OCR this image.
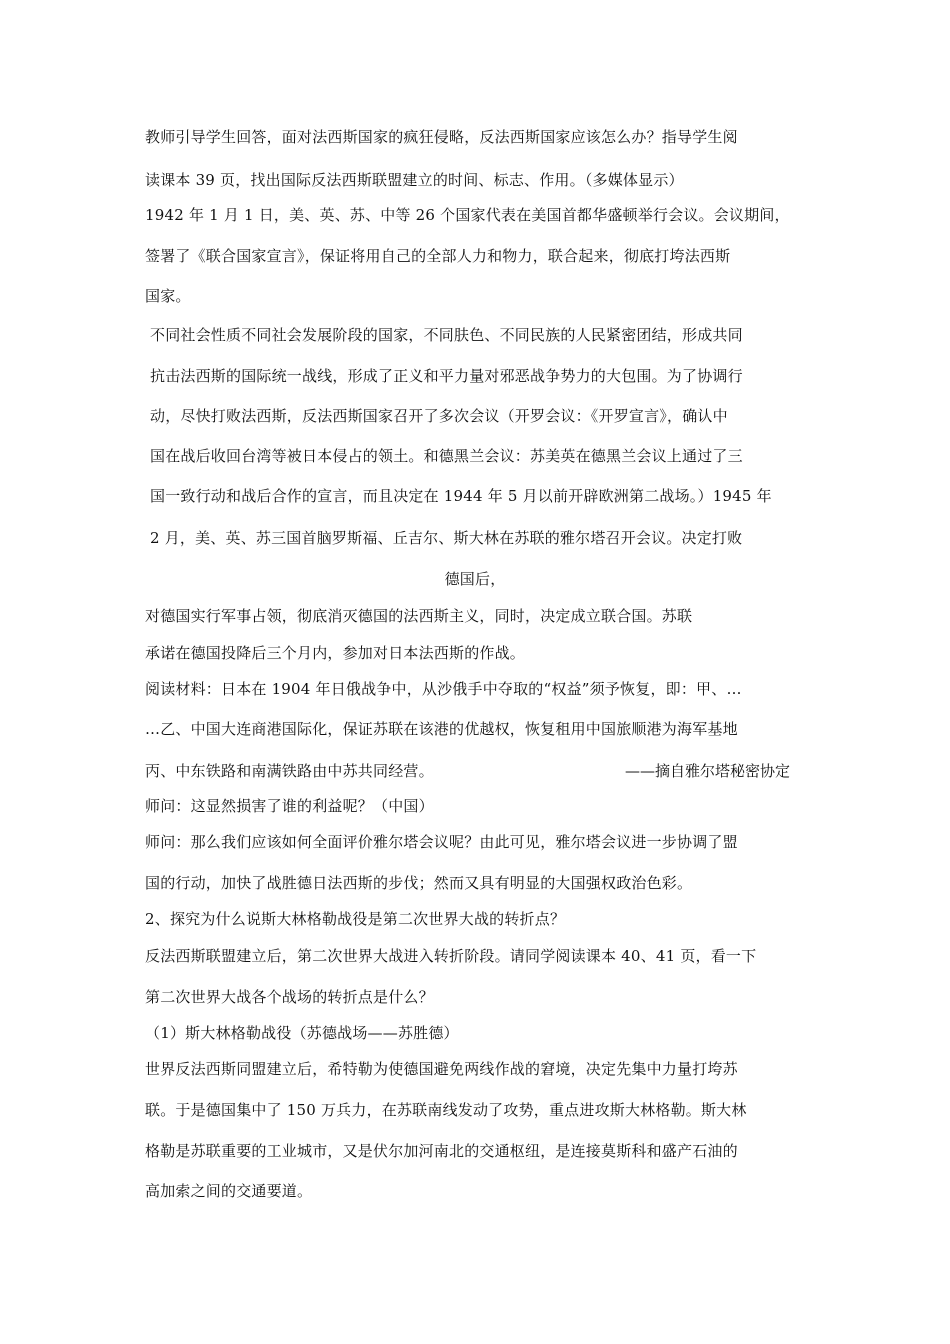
教师引导学生回答，面对法西斯国家的疯狂侵略，反法西斯国家应该怎么办？指导学生阅
读课本 39 页，找出国际反法西斯联盟建立的时间、标志、作用。（多媒体显示）
1942 年 1 月 1 日，美、英、苏、中等 26 个国家代表在美国首都华盛顿举行会议。会议期间，
签署了《联合国家宣言》，保证将用自己的全部人力和物力，联合起来，彻底打垮法西斯
国家。
不同社会性质不同社会发展阶段的国家，不同肤色、不同民族的人民紧密团结，形成共同
抗击法西斯的国际统一战线，形成了正义和平力量对邪恶战争势力的大包围。为了协调行
动，尽快打败法西斯，反法西斯国家召开了多次会议（开罗会议：《开罗宣言》，确认中
国在战后收回台湾等被日本侵占的领土。和德黑兰会议：苏美英在德黑兰会议上通过了三
国一致行动和战后合作的宣言，而且决定在 1944 年 5 月以前开辟欧洲第二战场。）1945 年
2 月，美、英、苏三国首脑罗斯福、丘吉尔、斯大林在苏联的雅尔塔召开会议。决定打败
德国后，
对德国实行军事占领，彻底消灭德国的法西斯主义，同时，决定成立联合国。苏联
承诺在德国投降后三个月内，参加对日本法西斯的作战。
阅读材料：日本在 1904 年日俄战争中，从沙俄手中夺取的“权益”须予恢复，即：甲、…
…乙、中国大连商港国际化，保证苏联在该港的优越权，恢复租用中国旅顺港为海军基地
丙、中东铁路和南满铁路由中苏共同经营。	——摘自雅尔塔秘密协定
师问：这显然损害了谁的利益呢？（中国）
师问：那么我们应该如何全面评价雅尔塔会议呢？由此可见，雅尔塔会议进一步协调了盟
国的行动，加快了战胜德日法西斯的步伐；然而又具有明显的大国强权政治色彩。
2、探究为什么说斯大林格勒战役是第二次世界大战的转折点？
反法西斯联盟建立后，第二次世界大战进入转折阶段。请同学阅读课本 40、41 页，看一下
第二次世界大战各个战场的转折点是什么？
（1）斯大林格勒战役（苏德战场——苏胜德）
世界反法西斯同盟建立后，希特勒为使德国避免两线作战的窘境，决定先集中力量打垮苏
联。于是德国集中了 150 万兵力，在苏联南线发动了攻势，重点进攻斯大林格勒。斯大林
格勒是苏联重要的工业城市，又是伏尔加河南北的交通枢纽，是连接莫斯科和盛产石油的
高加索之间的交通要道。
